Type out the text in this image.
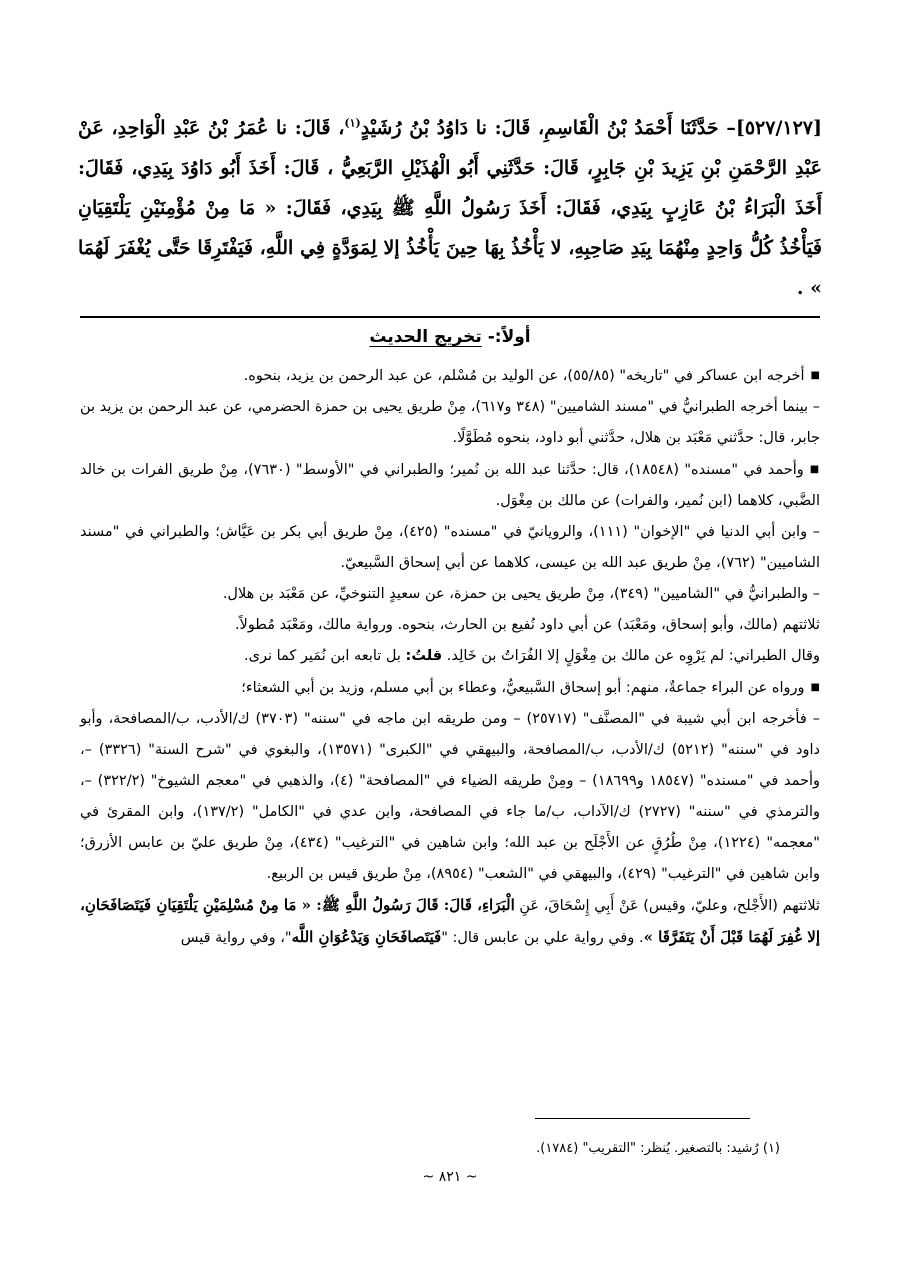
[٥٢٧/١٢٧]– حَدَّثَنَا أَحْمَدُ بْنُ الْقَاسِمِ، قَالَ: نا دَاوُدُ بْنُ رُشَيْدٍ$^{(١)}$، قَالَ: نا عُمَرُ بْنُ عَبْدِ الْوَاحِدِ، عَنْ عَبْدِ الرَّحْمَنِ بْنِ يَزِيدَ بْنِ جَابِرٍ، قَالَ: حَدَّثَنِي أَبُو الْهُذَيْلِ الرَّبَعِيُّ ، قَالَ: أَخَذَ أَبُو دَاوُدَ بِيَدِي، فَقَالَ: أَخَذَ الْبَرَاءُ بْنُ عَازِبٍ بِيَدِي، فَقَالَ: أَخَذَ رَسُولُ اللَّهِ ﷺ بِيَدِي، فَقَالَ: « مَا مِنْ مُؤْمِنَيْنِ يَلْتَقِيَانِ فَيَأْخُذُ كُلُّ وَاحِدٍ مِنْهُمَا بِيَدِ صَاحِبِهِ، لا يَأْخُذُ بِهَا حِينَ يَأْخُذُ إلا لِمَوَدَّةٍ فِي اللَّهِ، فَيَفْتَرِقَا حَتَّى يُغْفَرَ لَهُمَا » .

أولاً:- تخريج الحديث

■أخرجه ابن عساكر في "تاريخه" (٥٥/٨٥)، عن الوليد بن مُسْلم، عن عبد الرحمن بن يزيد، بنحوه.

– بينما أخرجه الطبرانيُّ في "مسند الشاميين" (٣٤٨ و٦١٧)، مِنْ طريق يحيى بن حمزة الحضرمي، عن عبد الرحمن بن يزيد بن جابر، قال: حدَّثني مَعْبَد بن هلال، حدَّثني أبو داود، بنحوه مُطَوَّلًا.

■وأحمد في "مسنده" (١٨٥٤٨)، قال: حدَّثنا عبد الله بن نُمير؛ والطبراني في "الأوسط" (٧٦٣٠)، مِنْ طريق الفرات بن خالد الضَّبي، كلاهما (ابن نُمير، والفرات) عن مالك بن مِغْوَل.

– وابن أبي الدنيا في "الإخوان" (١١١)، والرويانيّ في "مسنده" (٤٢٥)، مِنْ طريق أبي بكر بن عَيَّاش؛ والطبراني في "مسند الشاميين" (٧٦٢)، مِنْ طريق عبد الله بن عيسى، كلاهما عن أبي إسحاق السَّبيعيّ.

– والطبرانيُّ في "الشاميين" (٣٤٩)، مِنْ طريق يحيى بن حمزة، عن سعيدٍ التنوخيِّ، عن مَعْبَد بن هلال.

ثلاثتهم (مالك، وأبو إسحاق، ومَعْبَد) عن أبي داود نُفيع بن الحارث، بنحوه. ورواية مالك، ومَعْبَد مُطولاً.

وقال الطبراني: لم يَرْوِه عن مالك بن مِغْوَلٍ إلا الفُرَاتُ بن خَالِد. قلتُ: بل تابعه ابن نُمَير كما نرى.

■ورواه عن البراء جماعةٌ، منهم: أبو إسحاق السَّبيعيُّ، وعطاء بن أبي مسلم، وزيد بن أبي الشعثاء؛

– فأخرجه ابن أبي شيبة في "المصنَّف" (٢٥٧١٧) – ومن طريقه ابن ماجه في "سننه" (٣٧٠٣) ك/الأدب، ب/المصافحة، وأبو داود في "سننه" (٥٢١٢) ك/الأدب، ب/المصافحة، والبيهقي في "الكبرى" (١٣٥٧١)، والبغوي في "شرح السنة" (٣٣٢٦) –، وأحمد في "مسنده" (١٨٥٤٧ و١٨٦٩٩) – ومِنْ طريقه الضياء في "المصافحة" (٤)، والذهبي في "معجم الشيوخ" (٣٢٢/٢) –، والترمذي في "سننه" (٢٧٢٧) ك/الآداب، ب/ما جاء في المصافحة، وابن عدي في "الكامل" (١٣٧/٢)، وابن المقرئ في "معجمه" (١٢٢٤)، مِنْ طُرُقٍ عن الأَجْلَح بن عبد الله؛ وابن شاهين في "الترغيب" (٤٣٤)، مِنْ طريق عليّ بن عابس الأزرق؛ وابن شاهين في "الترغيب" (٤٢٩)، والبيهقي في "الشعب" (٨٩٥٤)، مِنْ طريق قيس بن الربيع.

ثلاثتهم (الأَجْلح، وعليّ، وقيس) عَنْ أَبِي إِسْحَاقَ، عَنِ الْبَرَاءِ، قَالَ: قَالَ رَسُولُ اللَّهِ ﷺ: « مَا مِنْ مُسْلِمَيْنِ يَلْتَقِيَانِ فَيَتَصَافَحَانِ، إلا غُفِرَ لَهُمَا قَبْلَ أَنْ يَتَفَرَّقَا ». وفي رواية علي بن عابس قال: "فَيَتَصافَحَانِ وَيَدْعُوَانِ اللَّه"، وفي رواية قيس

(١) رُشيد: بالتصغير. يُنظر: "التقريب" (١٧٨٤).
~ ٨٢١ ~
